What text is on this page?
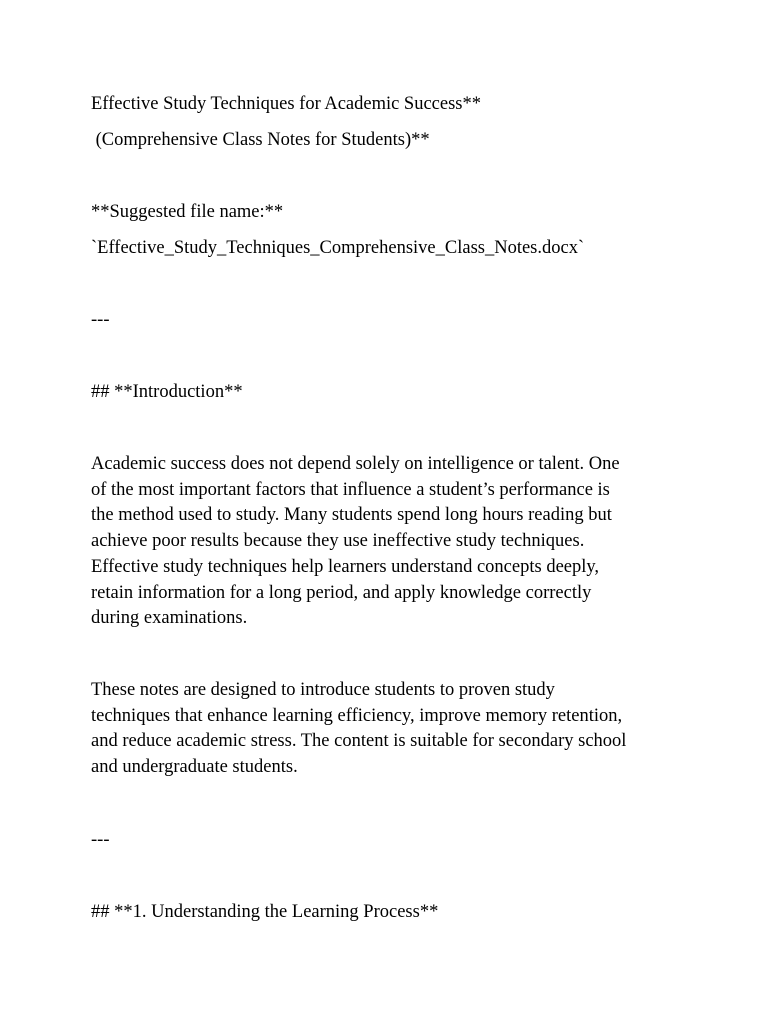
Effective Study Techniques for Academic Success**

(Comprehensive Class Notes for Students)**

**Suggested file name:**

`Effective_Study_Techniques_Comprehensive_Class_Notes.docx`

---

## **Introduction**

Academic success does not depend solely on intelligence or talent. One
of the most important factors that influence a student’s performance is
the method used to study. Many students spend long hours reading but
achieve poor results because they use ineffective study techniques.
Effective study techniques help learners understand concepts deeply,
retain information for a long period, and apply knowledge correctly
during examinations.
These notes are designed to introduce students to proven study
techniques that enhance learning efficiency, improve memory retention,
and reduce academic stress. The content is suitable for secondary school
and undergraduate students.

---

## **1. Understanding the Learning Process**
